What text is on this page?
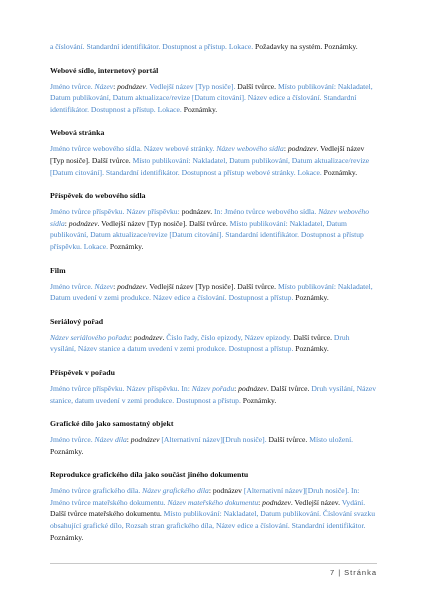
a číslování. Standardní identifikátor. Dostupnost a přístup. Lokace. Požadavky na systém. Poznámky.

Webové sídlo, internetový portál

Jméno tvůrce. Název: podnázev. Vedlejší název [Typ nosiče]. Další tvůrce. Místo publikování: Nakladatel, Datum publikování, Datum aktualizace/revize [Datum citování]. Název edice a číslování. Standardní identifikátor. Dostupnost a přístup. Lokace. Poznámky.

Webová stránka

Jméno tvůrce webového sídla. Název webové stránky. Název webového sídla: podnázev. Vedlejší název [Typ nosiče]. Další tvůrce. Místo publikování: Nakladatel, Datum publikování, Datum aktualizace/revize [Datum citování]. Standardní identifikátor. Dostupnost a přístup webové stránky. Lokace. Poznámky.

Příspěvek do webového sídla

Jméno tvůrce příspěvku. Název příspěvku: podnázev. In: Jméno tvůrce webového sídla. Název webového sídla: podnázev. Vedlejší název [Typ nosiče]. Další tvůrce. Místo publikování: Nakladatel, Datum publikování, Datum aktualizace/revize [Datum citování]. Standardní identifikátor. Dostupnost a přístup příspěvku. Lokace. Poznámky.

Film

Jméno tvůrce. Název: podnázev. Vedlejší název [Typ nosiče]. Další tvůrce. Místo publikování: Nakladatel, Datum uvedení v zemi produkce. Název edice a číslování. Dostupnost a přístup. Poznámky.

Seriálový pořad

Název seriálového pořadu: podnázev. Číslo řady, číslo epizody, Název epizody. Další tvůrce. Druh vysílání, Název stanice a datum uvedení v zemi produkce. Dostupnost a přístup. Poznámky.

Příspěvek v pořadu

Jméno tvůrce příspěvku. Název příspěvku. In: Název pořadu: podnázev. Další tvůrce. Druh vysílání, Název stanice, datum uvedení v zemi produkce. Dostupnost a přístup. Poznámky.

Grafické dílo jako samostatný objekt

Jméno tvůrce. Název díla: podnázev [Alternativní název][Druh nosiče]. Další tvůrce. Místo uložení. Poznámky.

Reprodukce grafického díla jako součást jiného dokumentu

Jméno tvůrce grafického díla. Název grafického díla: podnázev [Alternativní název][Druh nosiče]. In: Jméno tvůrce mateřského dokumentu. Název mateřského dokumentu: podnázev. Vedlejší název. Vydání. Další tvůrce mateřského dokumentu. Místo publikování: Nakladatel, Datum publikování. Číslování svazku obsahující grafické dílo, Rozsah stran grafického díla, Název edice a číslování. Standardní identifikátor. Poznámky.

7 | Stránka
